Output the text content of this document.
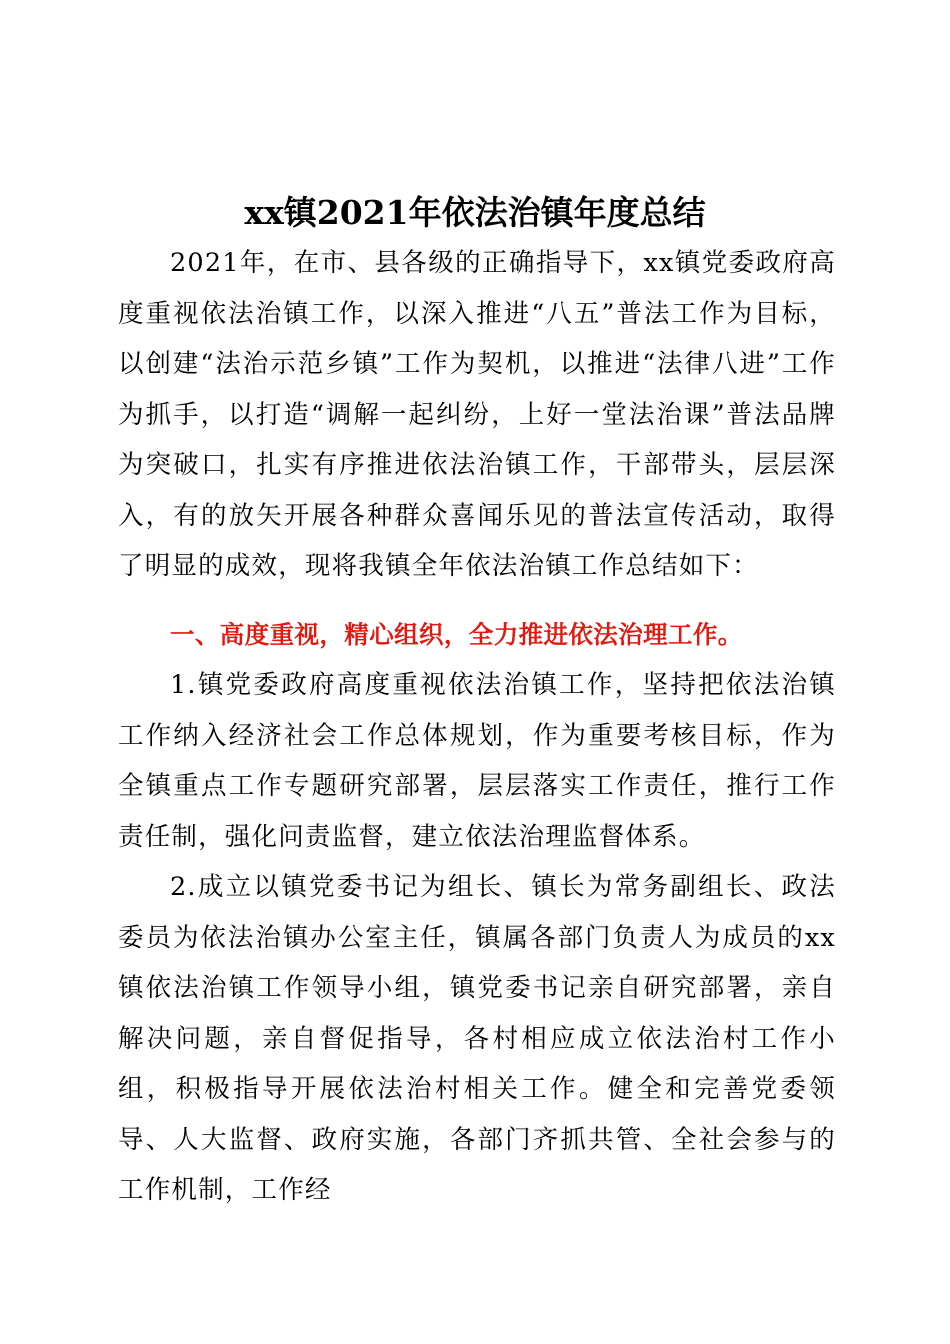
xx镇2021年依法治镇年度总结

2021年，在市、县各级的正确指导下，xx镇党委政府高度重视依法治镇工作，以深入推进“八五”普法工作为目标，以创建“法治示范乡镇”工作为契机，以推进“法律八进”工作为抓手，以打造“调解一起纠纷，上好一堂法治课”普法品牌为突破口，扎实有序推进依法治镇工作，干部带头，层层深入，有的放矢开展各种群众喜闻乐见的普法宣传活动，取得了明显的成效，现将我镇全年依法治镇工作总结如下：

一、高度重视，精心组织，全力推进依法治理工作。

1.镇党委政府高度重视依法治镇工作，坚持把依法治镇工作纳入经济社会工作总体规划，作为重要考核目标，作为全镇重点工作专题研究部署，层层落实工作责任，推行工作责任制，强化问责监督，建立依法治理监督体系。

2.成立以镇党委书记为组长、镇长为常务副组长、政法委员为依法治镇办公室主任，镇属各部门负责人为成员的xx镇依法治镇工作领导小组，镇党委书记亲自研究部署，亲自解决问题，亲自督促指导，各村相应成立依法治村工作小组，积极指导开展依法治村相关工作。健全和完善党委领导、人大监督、政府实施，各部门齐抓共管、全社会参与的工作机制，工作经
